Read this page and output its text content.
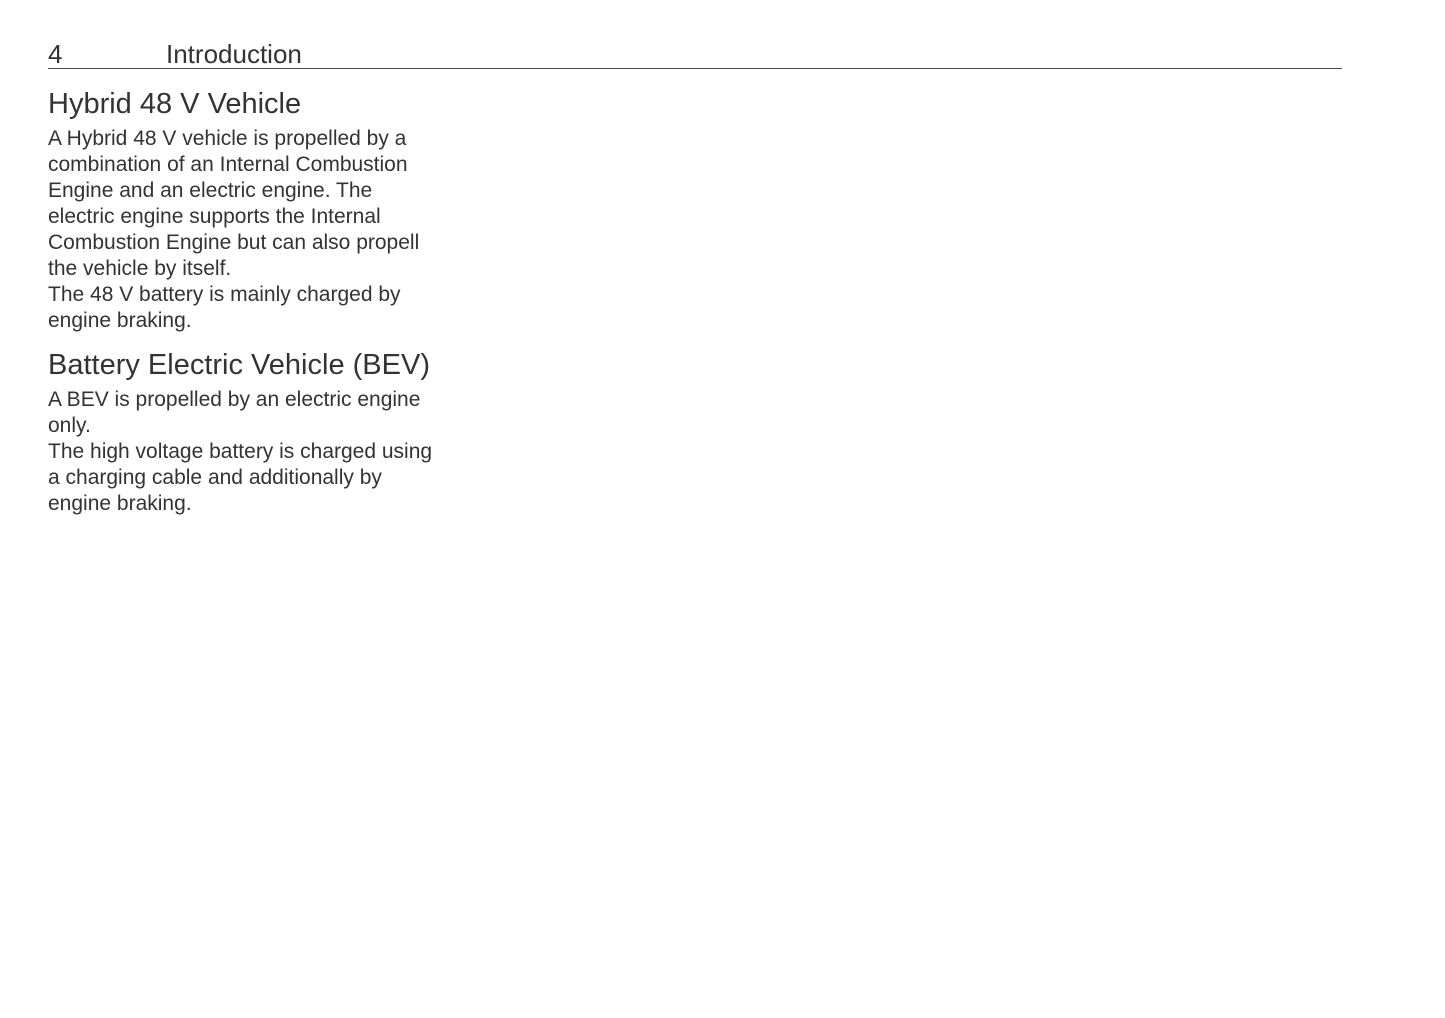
4	Introduction
Hybrid 48 V Vehicle

A Hybrid 48 V vehicle is propelled by a
combination of an Internal Combustion
Engine and an electric engine. The
electric engine supports the Internal
Combustion Engine but can also propell
the vehicle by itself.

The 48 V battery is mainly charged by
engine braking.

Battery Electric Vehicle (BEV)

A BEV is propelled by an electric engine
only.

The high voltage battery is charged using
a charging cable and additionally by
engine braking.
